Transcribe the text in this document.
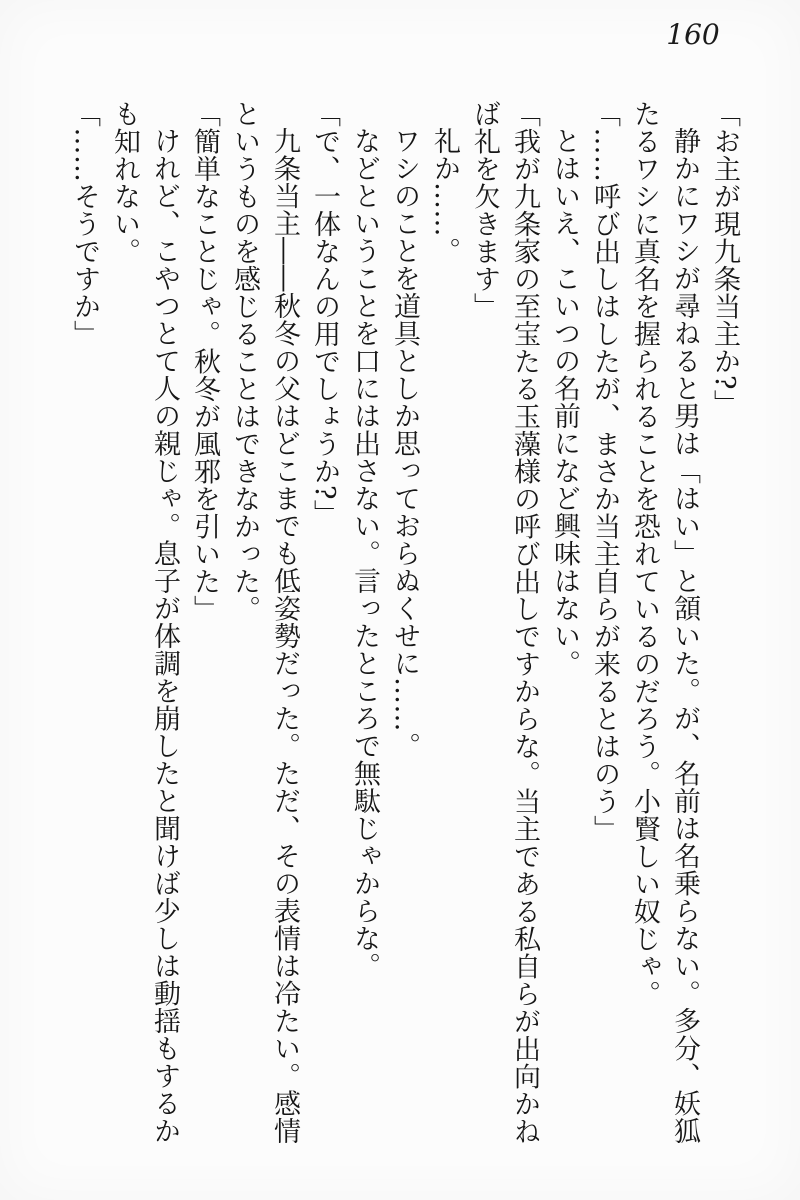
160

「お主が現九条当主か?」

静かにワシが尋ねると男は「はい」と頷いた。が、名前は名乗らない。多分、妖狐

たるワシに真名を握られることを恐れているのだろう。小賢しい奴じゃ。

「……呼び出しはしたが、まさか当主自らが来るとはのう」

とはいえ、こいつの名前になど興味はない。

「我が九条家の至宝たる玉藻様の呼び出しですからな。当主である私自らが出向かね

ば礼を欠きます」

礼か……。

ワシのことを道具としか思っておらぬくせに……。

などということを口には出さない。言ったところで無駄じゃからな。

「で、一体なんの用でしょうか?」

九条当主――秋冬の父はどこまでも低姿勢だった。ただ、その表情は冷たい。感情

というものを感じることはできなかった。

「簡単なことじゃ。秋冬が風邪を引いた」

けれど、こやつとて人の親じゃ。息子が体調を崩したと聞けば少しは動揺もするか

も知れない。

「……そうですか」
